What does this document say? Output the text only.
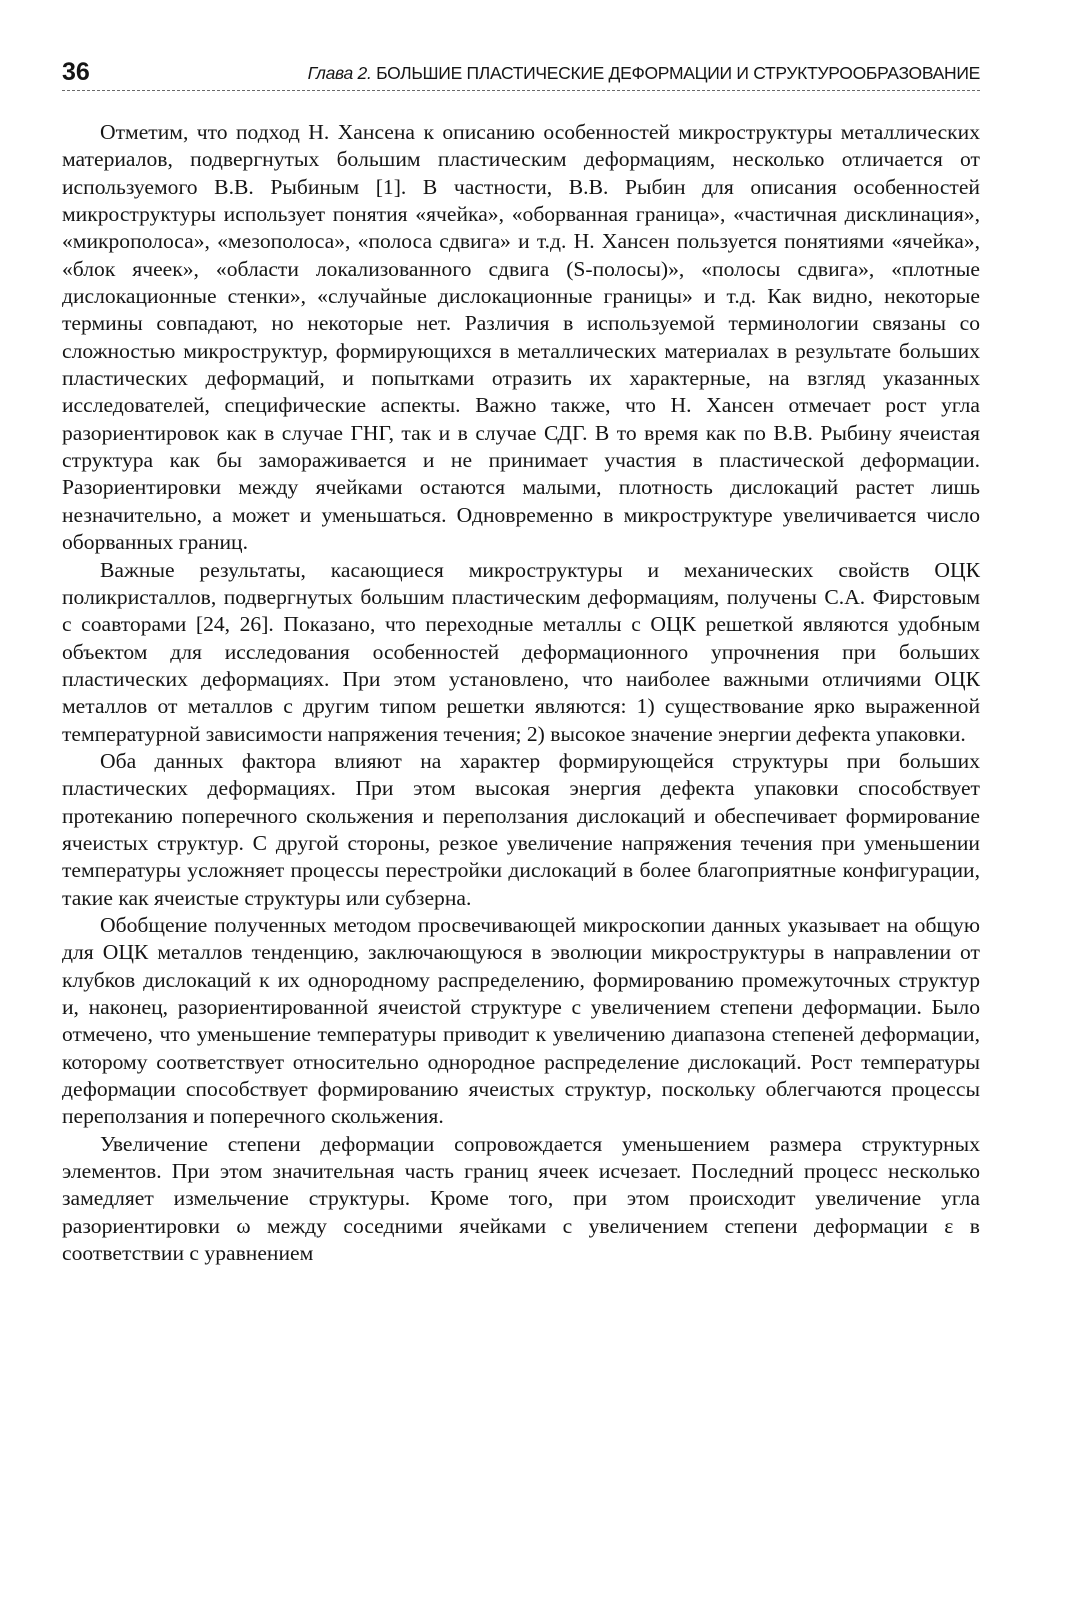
36	Глава 2. БОЛЬШИЕ ПЛАСТИЧЕСКИЕ ДЕФОРМАЦИИ И СТРУКТУРООБРАЗОВАНИЕ

Отметим, что подход Н. Хансена к описанию особенностей микроструктуры металлических материалов, подвергнутых большим пластическим деформациям, несколько отличается от используемого В.В. Рыбиным [1]. В частности, В.В. Рыбин для описания особенностей микроструктуры использует понятия «ячейка», «оборванная граница», «частичная дисклинация», «микрополоса», «мезополоса», «полоса сдвига» и т.д. Н. Хансен пользуется понятиями «ячейка», «блок ячеек», «области локализованного сдвига (S-полосы)», «полосы сдвига», «плотные дислокационные стенки», «случайные дислокационные границы» и т.д. Как видно, некоторые термины совпадают, но некоторые нет. Различия в используемой терминологии связаны со сложностью микроструктур, формирующихся в металлических материалах в результате больших пластических деформаций, и попытками отразить их характерные, на взгляд указанных исследователей, специфические аспекты. Важно также, что Н. Хансен отмечает рост угла разориентировок как в случае ГНГ, так и в случае СДГ. В то время как по В.В. Рыбину ячеистая структура как бы замораживается и не принимает участия в пластической деформации. Разориентировки между ячейками остаются малыми, плотность дислокаций растет лишь незначительно, а может и уменьшаться. Одновременно в микроструктуре увеличивается число оборванных границ.

Важные результаты, касающиеся микроструктуры и механических свойств ОЦК поликристаллов, подвергнутых большим пластическим деформациям, получены С.А. Фирстовым с соавторами [24, 26]. Показано, что переходные металлы с ОЦК решеткой являются удобным объектом для исследования особенностей деформационного упрочнения при больших пластических деформациях. При этом установлено, что наиболее важными отличиями ОЦК металлов от металлов с другим типом решетки являются: 1) существование ярко выраженной температурной зависимости напряжения течения; 2) высокое значение энергии дефекта упаковки.

Оба данных фактора влияют на характер формирующейся структуры при больших пластических деформациях. При этом высокая энергия дефекта упаковки способствует протеканию поперечного скольжения и переползания дислокаций и обеспечивает формирование ячеистых структур. С другой стороны, резкое увеличение напряжения течения при уменьшении температуры усложняет процессы перестройки дислокаций в более благоприятные конфигурации, такие как ячеистые структуры или субзерна.

Обобщение полученных методом просвечивающей микроскопии данных указывает на общую для ОЦК металлов тенденцию, заключающуюся в эволюции микроструктуры в направлении от клубков дислокаций к их однородному распределению, формированию промежуточных структур и, наконец, разориентированной ячеистой структуре с увеличением степени деформации. Было отмечено, что уменьшение температуры приводит к увеличению диапазона степеней деформации, которому соответствует относительно однородное распределение дислокаций. Рост температуры деформации способствует формированию ячеистых структур, поскольку облегчаются процессы переползания и поперечного скольжения.

Увеличение степени деформации сопровождается уменьшением размера структурных элементов. При этом значительная часть границ ячеек исчезает. Последний процесс несколько замедляет измельчение структуры. Кроме того, при этом происходит увеличение угла разориентировки ω между соседними ячейками с увеличением степени деформации ε в соответствии с уравнением
